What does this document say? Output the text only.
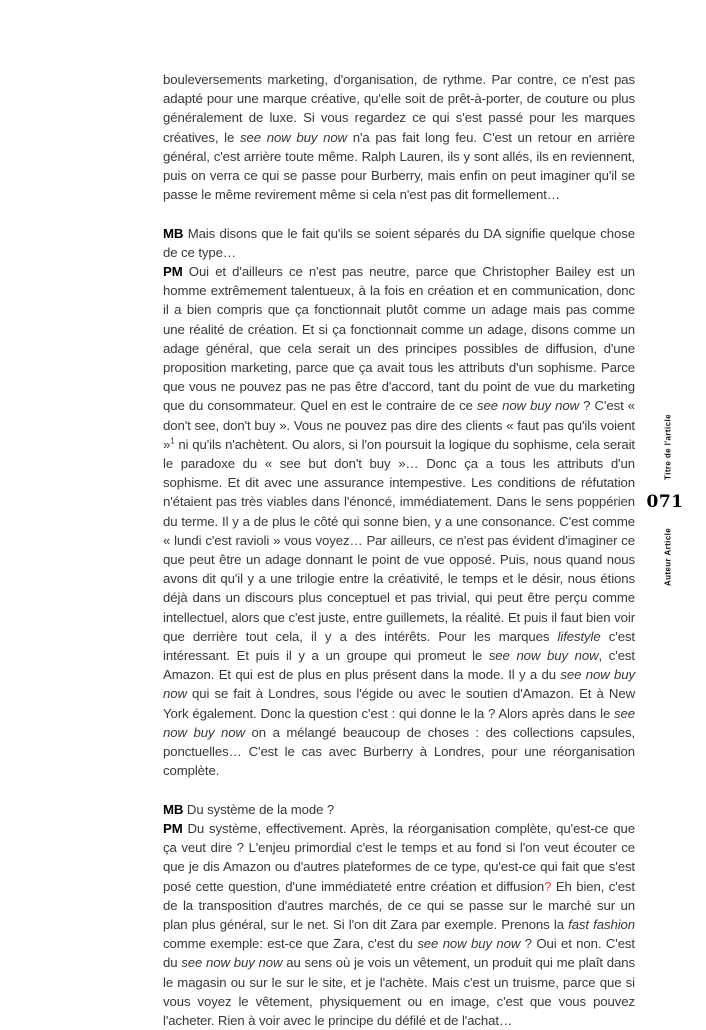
bouleversements marketing, d'organisation, de rythme. Par contre, ce n'est pas adapté pour une marque créative, qu'elle soit de prêt-à-porter, de couture ou plus généralement de luxe. Si vous regardez ce qui s'est passé pour les marques créatives, le see now buy now n'a pas fait long feu. C'est un retour en arrière général, c'est arrière toute même. Ralph Lauren, ils y sont allés, ils en reviennent, puis on verra ce qui se passe pour Burberry, mais enfin on peut imaginer qu'il se passe le même revirement même si cela n'est pas dit formellement…

MB Mais disons que le fait qu'ils se soient séparés du DA signifie quelque chose de ce type…

PM Oui et d'ailleurs ce n'est pas neutre, parce que Christopher Bailey est un homme extrêmement talentueux, à la fois en création et en communication, donc il a bien compris que ça fonctionnait plutôt comme un adage mais pas comme une réalité de création. Et si ça fonctionnait comme un adage, disons comme un adage général, que cela serait un des principes possibles de diffusion, d'une proposition marketing, parce que ça avait tous les attributs d'un sophisme. Parce que vous ne pouvez pas ne pas être d'accord, tant du point de vue du marketing que du consommateur. Quel en est le contraire de ce see now buy now ? C'est « don't see, don't buy ». Vous ne pouvez pas dire des clients « faut pas qu'ils voient »$^1$ ni qu'ils n'achètent. Ou alors, si l'on poursuit la logique du sophisme, cela serait le paradoxe du « see but don't buy »… Donc ça a tous les attributs d'un sophisme. Et dit avec une assurance intempestive. Les conditions de réfutation n'étaient pas très viables dans l'énoncé, immédiatement. Dans le sens poppérien du terme. Il y a de plus le côté qui sonne bien, y a une consonance. C'est comme « lundi c'est ravioli » vous voyez… Par ailleurs, ce n'est pas évident d'imaginer ce que peut être un adage donnant le point de vue opposé. Puis, nous quand nous avons dit qu'il y a une trilogie entre la créativité, le temps et le désir, nous étions déjà dans un discours plus conceptuel et pas trivial, qui peut être perçu comme intellectuel, alors que c'est juste, entre guillemets, la réalité. Et puis il faut bien voir que derrière tout cela, il y a des intérêts. Pour les marques lifestyle c'est intéressant. Et puis il y a un groupe qui promeut le see now buy now, c'est Amazon. Et qui est de plus en plus présent dans la mode. Il y a du see now buy now qui se fait à Londres, sous l'égide ou avec le soutien d'Amazon. Et à New York également. Donc la question c'est : qui donne le la ? Alors après dans le see now buy now on a mélangé beaucoup de choses : des collections capsules, ponctuelles… C'est le cas avec Burberry à Londres, pour une réorganisation complète.

MB Du système de la mode ?

PM Du système, effectivement. Après, la réorganisation complète, qu'est-ce que ça veut dire ? L'enjeu primordial c'est le temps et au fond si l'on veut écouter ce que je dis Amazon ou d'autres plateformes de ce type, qu'est-ce qui fait que s'est posé cette question, d'une immédiateté entre création et diffusion? Eh bien, c'est de la transposition d'autres marchés, de ce qui se passe sur le marché sur un plan plus général, sur le net. Si l'on dit Zara par exemple. Prenons la fast fashion comme exemple: est-ce que Zara, c'est du see now buy now ? Oui et non. C'est du see now buy now au sens où je vois un vêtement, un produit qui me plaît dans le magasin ou sur le sur le site, et je l'achète. Mais c'est un truisme, parce que si vous voyez le vêtement, physiquement ou en image, c'est que vous pouvez l'acheter. Rien à voir avec le principe du défilé et de l'achat…

Titre de l'article
071
Auteur Article
